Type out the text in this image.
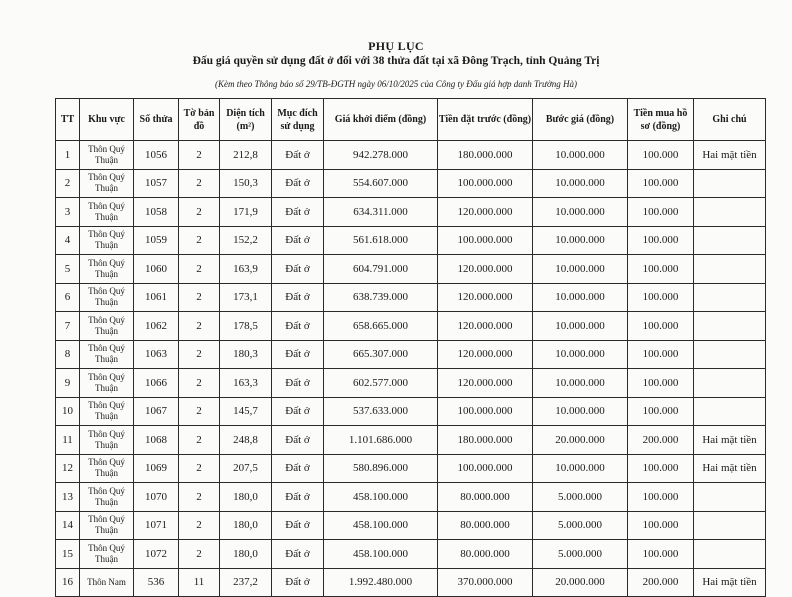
PHỤ LỤC
Đấu giá quyền sử dụng đất ở đối với 38 thửa đất tại xã Đông Trạch, tỉnh Quảng Trị
(Kèm theo Thông báo số 29/TB-ĐGTH ngày 06/10/2025 của Công ty Đấu giá hợp danh Trường Hà)
TT	Khu vực	Số thửa	Tờ bản đồ	Diện tích (m²)	Mục đích sử dụng	Giá khởi điểm (đồng)	Tiền đặt trước (đồng)	Bước giá (đồng)	Tiền mua hồ sơ (đồng)	Ghi chú
1	Thôn Quý Thuận	1056	2	212,8	Đất ở	942.278.000	180.000.000	10.000.000	100.000	Hai mặt tiền
2	Thôn Quý Thuận	1057	2	150,3	Đất ở	554.607.000	100.000.000	10.000.000	100.000	
3	Thôn Quý Thuận	1058	2	171,9	Đất ở	634.311.000	120.000.000	10.000.000	100.000	
4	Thôn Quý Thuận	1059	2	152,2	Đất ở	561.618.000	100.000.000	10.000.000	100.000	
5	Thôn Quý Thuận	1060	2	163,9	Đất ở	604.791.000	120.000.000	10.000.000	100.000	
6	Thôn Quý Thuận	1061	2	173,1	Đất ở	638.739.000	120.000.000	10.000.000	100.000	
7	Thôn Quý Thuận	1062	2	178,5	Đất ở	658.665.000	120.000.000	10.000.000	100.000	
8	Thôn Quý Thuận	1063	2	180,3	Đất ở	665.307.000	120.000.000	10.000.000	100.000	
9	Thôn Quý Thuận	1066	2	163,3	Đất ở	602.577.000	120.000.000	10.000.000	100.000	
10	Thôn Quý Thuận	1067	2	145,7	Đất ở	537.633.000	100.000.000	10.000.000	100.000	
11	Thôn Quý Thuận	1068	2	248,8	Đất ở	1.101.686.000	180.000.000	20.000.000	200.000	Hai mặt tiền
12	Thôn Quý Thuận	1069	2	207,5	Đất ở	580.896.000	100.000.000	10.000.000	100.000	Hai mặt tiền
13	Thôn Quý Thuận	1070	2	180,0	Đất ở	458.100.000	80.000.000	5.000.000	100.000	
14	Thôn Quý Thuận	1071	2	180,0	Đất ở	458.100.000	80.000.000	5.000.000	100.000	
15	Thôn Quý Thuận	1072	2	180,0	Đất ở	458.100.000	80.000.000	5.000.000	100.000	
16	Thôn Nam	536	11	237,2	Đất ở	1.992.480.000	370.000.000	20.000.000	200.000	Hai mặt tiền
